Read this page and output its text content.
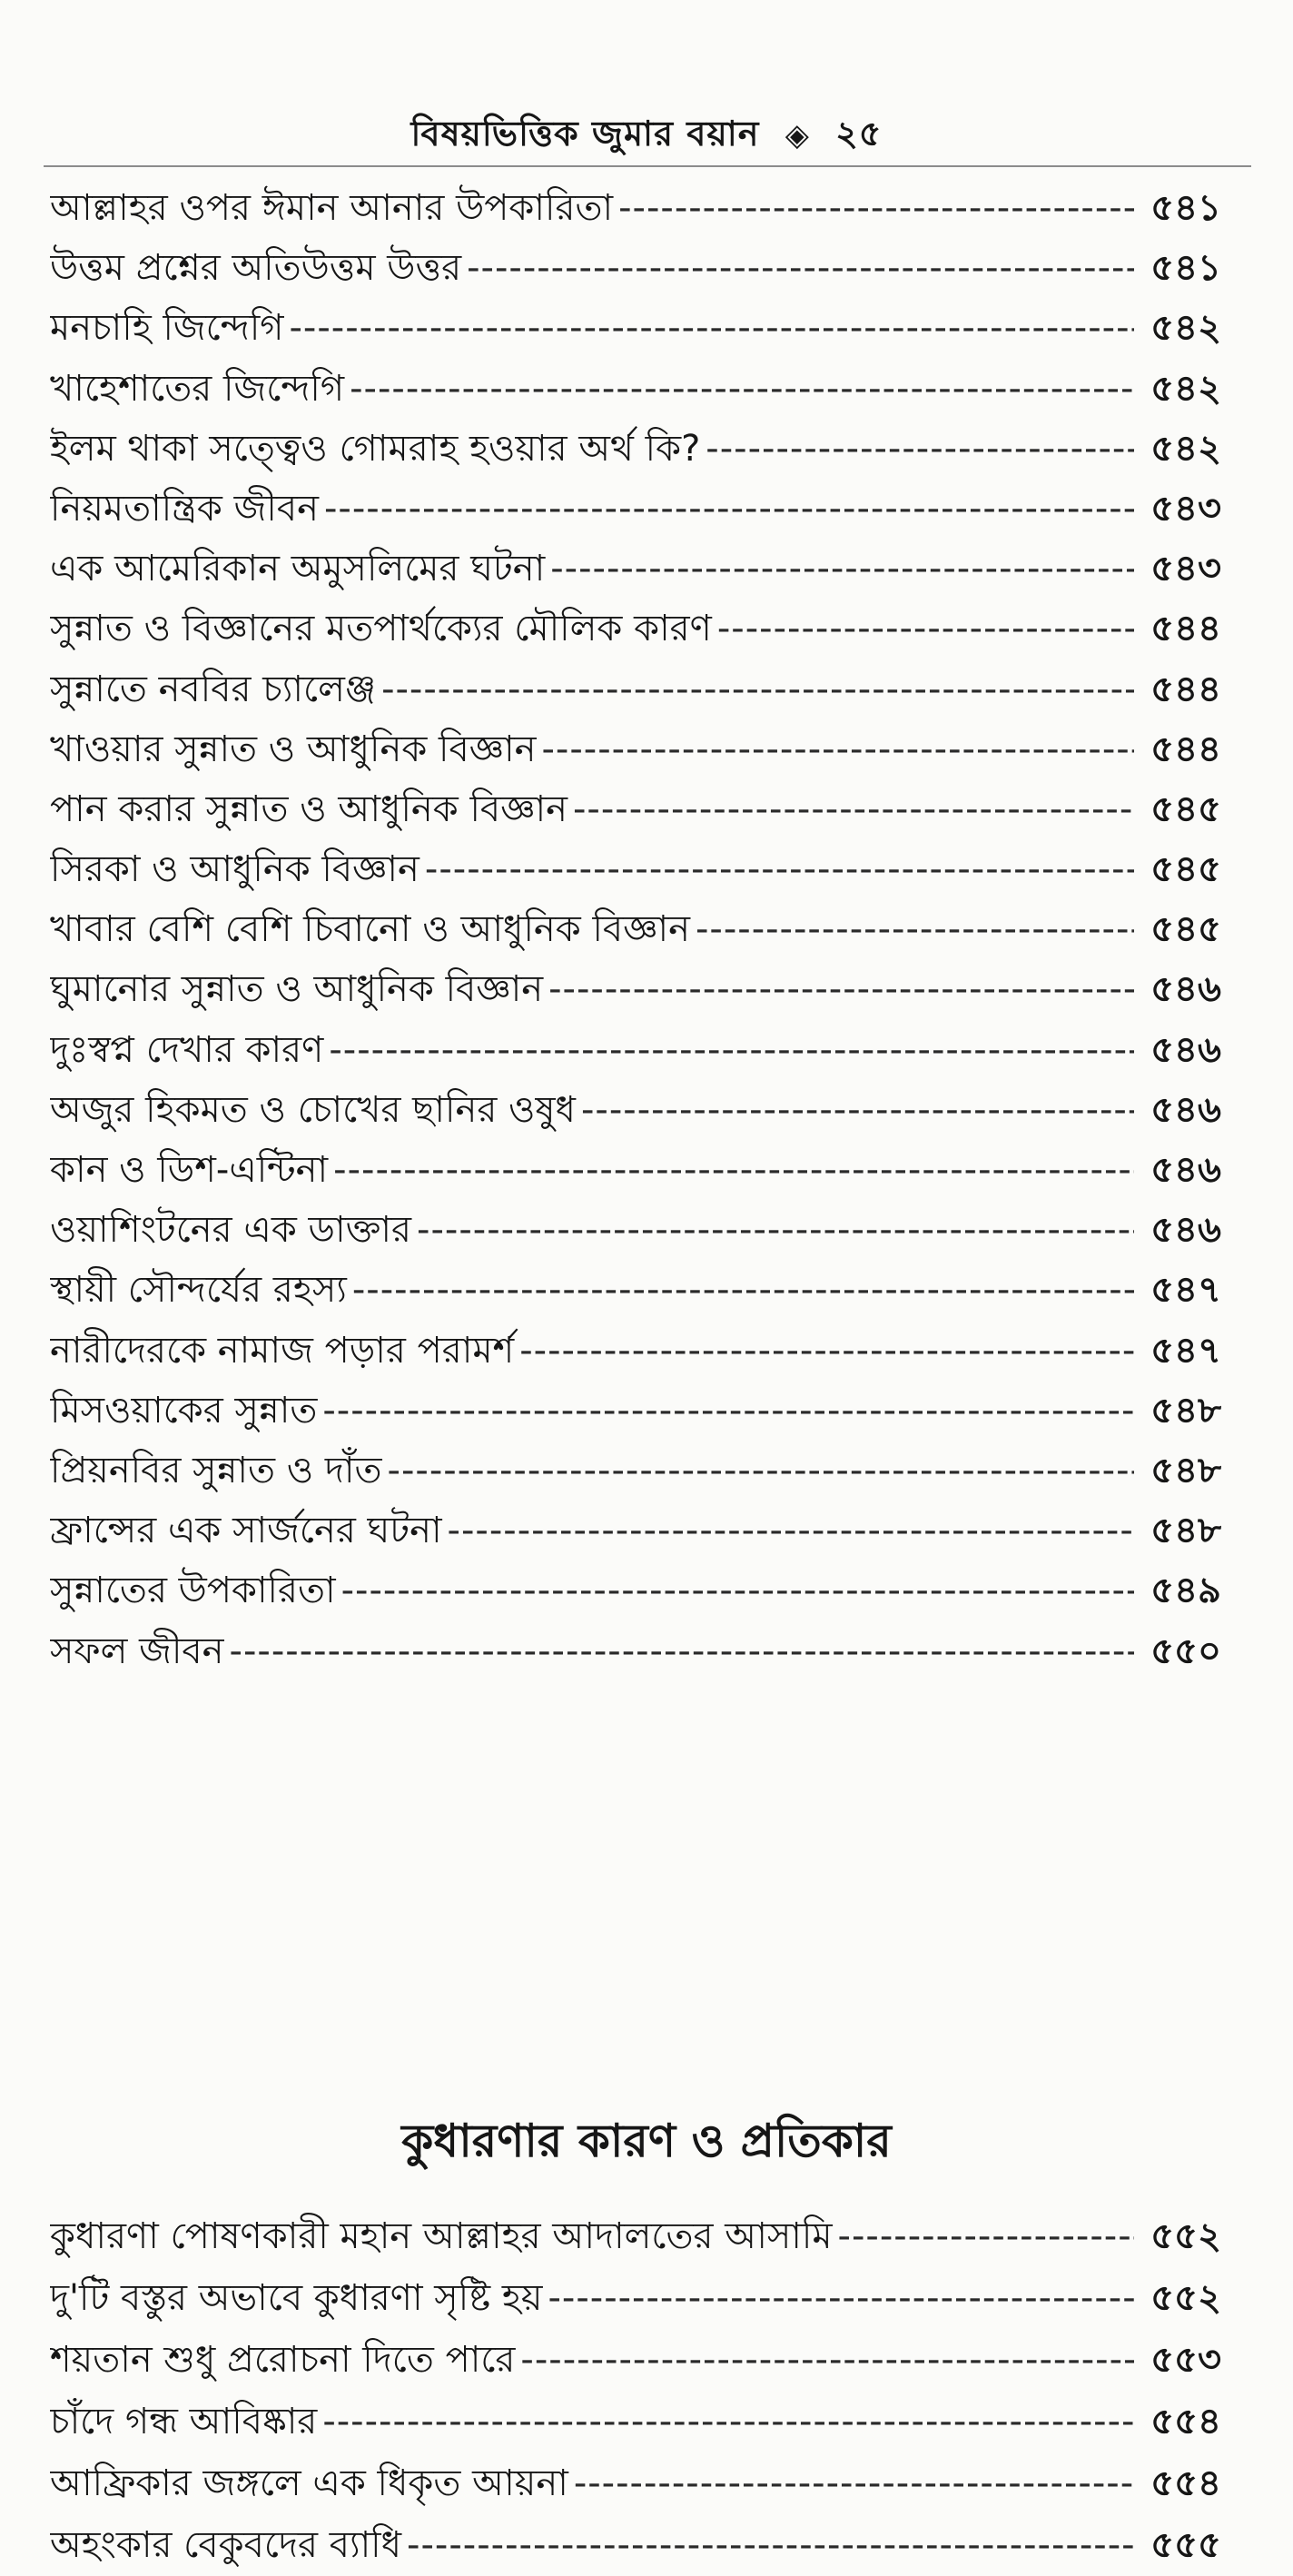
বিষয়ভিত্তিক জুমার বয়ান ◈ ২৫
আল্লাহর ওপর ঈমান আনার উপকারিতা -----	৫৪১
উত্তম প্রশ্নের অতিউত্তম উত্তর -----	৫৪১
মনচাহি জিন্দেগি -----	৫৪২
খাহেশাতের জিন্দেগি -----	৫৪২
ইলম থাকা সত্ত্বেও গোমরাহ হওয়ার অর্থ কি? -----	৫৪২
নিয়মতান্ত্রিক জীবন -----	৫৪৩
এক আমেরিকান অমুসলিমের ঘটনা -----	৫৪৩
সুন্নাত ও বিজ্ঞানের মতপার্থক্যের মৌলিক কারণ -----	৫৪৪
সুন্নাতে নববির চ্যালেঞ্জ -----	৫৪৪
খাওয়ার সুন্নাত ও আধুনিক বিজ্ঞান -----	৫৪৪
পান করার সুন্নাত ও আধুনিক বিজ্ঞান -----	৫৪৫
সিরকা ও আধুনিক বিজ্ঞান -----	৫৪৫
খাবার বেশি বেশি চিবানো ও আধুনিক বিজ্ঞান -----	৫৪৫
ঘুমানোর সুন্নাত ও আধুনিক বিজ্ঞান -----	৫৪৬
দুঃস্বপ্ন দেখার কারণ -----	৫৪৬
অজুর হিকমত ও চোখের ছানির ওষুধ -----	৫৪৬
কান ও ডিশ-এন্টিনা -----	৫৪৬
ওয়াশিংটনের এক ডাক্তার -----	৫৪৬
স্থায়ী সৌন্দর্যের রহস্য -----	৫৪৭
নারীদেরকে নামাজ পড়ার পরামর্শ -----	৫৪৭
মিসওয়াকের সুন্নাত -----	৫৪৮
প্রিয়নবির সুন্নাত ও দাঁত -----	৫৪৮
ফ্রান্সের এক সার্জনের ঘটনা -----	৫৪৮
সুন্নাতের উপকারিতা -----	৫৪৯
সফল জীবন -----	৫৫০
কুধারণার কারণ ও প্রতিকার
কুধারণা পোষণকারী মহান আল্লাহর আদালতের আসামি -----	৫৫২
দু'টি বস্তুর অভাবে কুধারণা সৃষ্টি হয় -----	৫৫২
শয়তান শুধু প্ররোচনা দিতে পারে -----	৫৫৩
চাঁদে গন্ধ আবিষ্কার -----	৫৫৪
আফ্রিকার জঙ্গলে এক ধিকৃত আয়না -----	৫৫৪
অহংকার বেকুবদের ব্যাধি -----	৫৫৫
